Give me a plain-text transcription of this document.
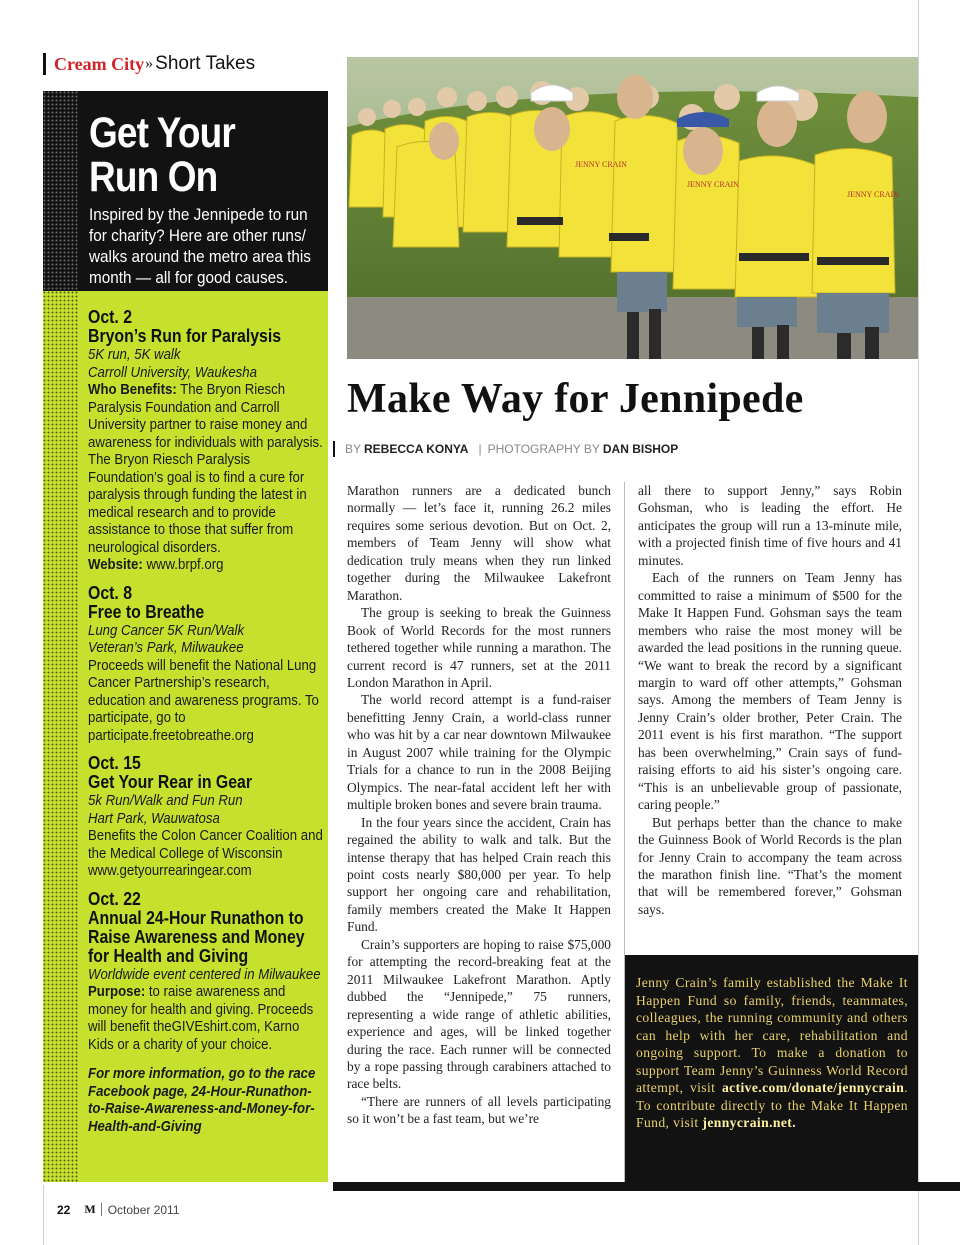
Cream City » Short Takes
Get Your
Run On
Inspired by the Jennipede to run for charity? Here are other runs/ walks around the metro area this month — all for good causes.
Oct. 2
Bryon’s Run for Paralysis
5K run, 5K walk
Carroll University, Waukesha
Who Benefits: The Bryon Riesch Paralysis Foundation and Carroll University partner to raise money and awareness for individuals with paralysis. The Bryon Riesch Paralysis Foundation’s goal is to find a cure for paralysis through funding the latest in medical research and to provide assistance to those that suffer from neurological disorders.
Website: www.brpf.org
Oct. 8
Free to Breathe
Lung Cancer 5K Run/Walk
Veteran’s Park, Milwaukee
Proceeds will benefit the National Lung Cancer Partnership’s research, education and awareness programs. To participate, go to participate.freetobreathe.org
Oct. 15
Get Your Rear in Gear
5k Run/Walk and Fun Run
Hart Park, Wauwatosa
Benefits the Colon Cancer Coalition and the Medical College of Wisconsin www.getyourrearingear.com
Oct. 22
Annual 24-Hour Runathon to Raise Awareness and Money for Health and Giving
Worldwide event centered in Milwaukee
Purpose: to raise awareness and money for health and giving. Proceeds will benefit theGIVEshirt.com, Karno Kids or a charity of your choice.
For more information, go to the race Facebook page, 24-Hour-Runathon-to-Raise-Awareness-and-Money-for-Health-and-Giving
JENNY CRAIN
JENNY CRAIN
JENNY CRAIN
Make Way for Jennipede
BY REBECCA KONYA | PHOTOGRAPHY BY DAN BISHOP

Marathon runners are a dedicated bunch normally — let’s face it, running 26.2 miles requires some serious devotion. But on Oct. 2, members of Team Jenny will show what dedication truly means when they run linked together during the Milwaukee Lakefront Marathon.

The group is seeking to break the Guinness Book of World Records for the most runners tethered together while running a marathon. The current record is 47 runners, set at the 2011 London Marathon in April.

The world record attempt is a fund-raiser benefitting Jenny Crain, a world-class runner who was hit by a car near downtown Milwaukee in August 2007 while training for the Olympic Trials for a chance to run in the 2008 Beijing Olympics. The near-fatal accident left her with multiple broken bones and severe brain trauma.

In the four years since the accident, Crain has regained the ability to walk and talk. But the intense therapy that has helped Crain reach this point costs nearly $80,000 per year. To help support her ongoing care and rehabilitation, family members created the Make It Happen Fund.

Crain’s supporters are hoping to raise $75,000 for attempting the record-breaking feat at the 2011 Milwaukee Lakefront Marathon. Aptly dubbed the “Jennipede,” 75 runners, representing a wide range of athletic abilities, experience and ages, will be linked together during the race. Each runner will be connected by a rope passing through carabiners attached to race belts.

“There are runners of all levels participating so it won’t be a fast team, but we’re

all there to support Jenny,” says Robin Gohsman, who is leading the effort. He anticipates the group will run a 13-minute mile, with a projected finish time of five hours and 41 minutes.

Each of the runners on Team Jenny has committed to raise a minimum of $500 for the Make It Happen Fund. Gohsman says the team members who raise the most money will be awarded the lead positions in the running queue. “We want to break the record by a significant margin to ward off other attempts,” Gohsman says. Among the members of Team Jenny is Jenny Crain’s older brother, Peter Crain. The 2011 event is his first marathon. “The support has been overwhelming,” Crain says of fund-raising efforts to aid his sister’s ongoing care. “This is an unbelievable group of passionate, caring people.”

But perhaps better than the chance to make the Guinness Book of World Records is the plan for Jenny Crain to accompany the team across the marathon finish line. “That’s the moment that will be remembered forever,” Gohsman says.

Jenny Crain’s family established the Make It Happen Fund so family, friends, teammates, colleagues, the running community and others can help with her care, rehabilitation and ongoing support. To make a donation to support Team Jenny’s Guinness World Record attempt, visit active.com/donate/jennycrain. To contribute directly to the Make It Happen Fund, visit jennycrain.net.
22 M October 2011
